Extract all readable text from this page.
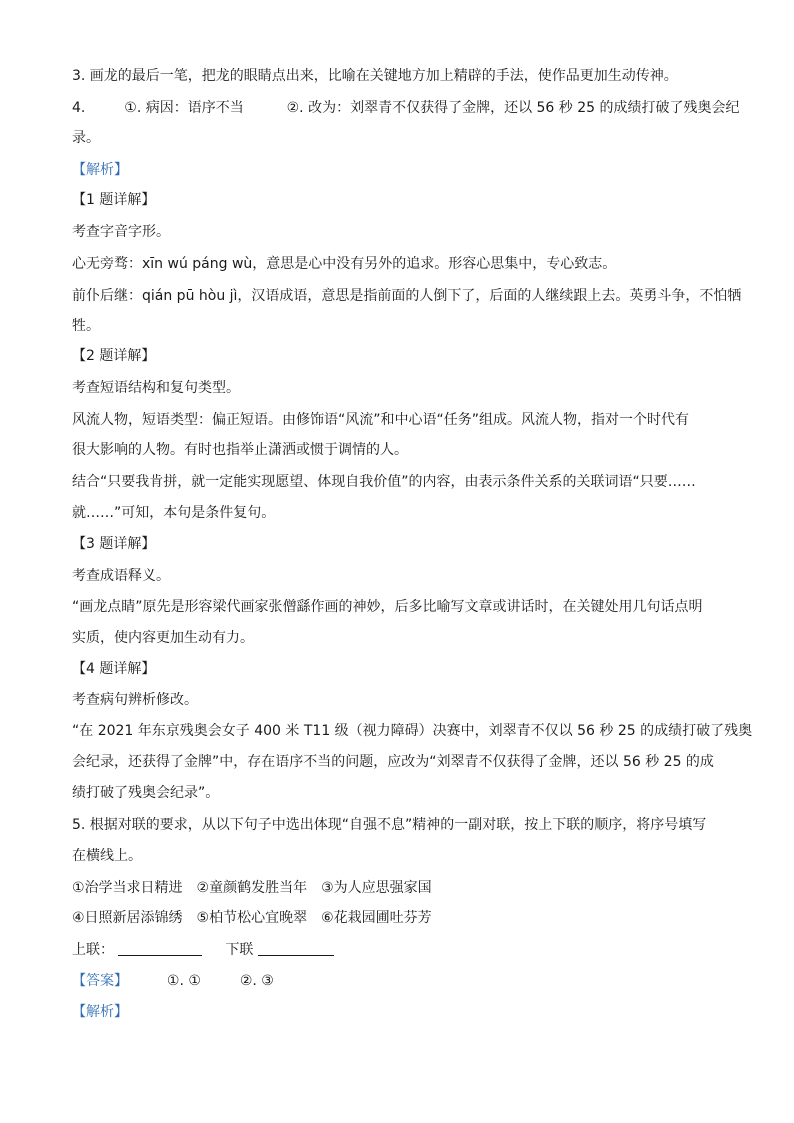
3. 画龙的最后一笔，把龙的眼睛点出来，比喻在关键地方加上精辟的手法，使作品更加生动传神。
4.	①. 病因：语序不当	②. 改为：刘翠青不仅获得了金牌，还以 56 秒 25 的成绩打破了残奥会纪
录。
【解析】
【1 题详解】
考查字音字形。
心无旁骛：xīn wú páng wù，意思是心中没有另外的追求。形容心思集中，专心致志。
前仆后继：qián pū hòu jì，汉语成语，意思是指前面的人倒下了，后面的人继续跟上去。英勇斗争，不怕牺
牲。
【2 题详解】
考查短语结构和复句类型。
风流人物，短语类型：偏正短语。由修饰语“风流”和中心语“任务”组成。风流人物，指对一个时代有
很大影响的人物。有时也指举止潇洒或惯于调情的人。
结合“只要我肯拼，就一定能实现愿望、体现自我价值”的内容，由表示条件关系的关联词语“只要……
就……”可知，本句是条件复句。
【3 题详解】
考查成语释义。
“画龙点睛”原先是形容梁代画家张僧繇作画的神妙，后多比喻写文章或讲话时，在关键处用几句话点明
实质，使内容更加生动有力。
【4 题详解】
考查病句辨析修改。
“在 2021 年东京残奥会女子 400 米 T11 级（视力障碍）决赛中，刘翠青不仅以 56 秒 25 的成绩打破了残奥
会纪录，还获得了金牌”中，存在语序不当的问题，应改为“刘翠青不仅获得了金牌，还以 56 秒 25 的成
绩打破了残奥会纪录”。
5. 根据对联的要求，从以下句子中选出体现“自强不息”精神的一副对联，按上下联的顺序，将序号填写
在横线上。
①治学当求日精进　②童颜鹤发胜当年　③为人应思强家国
④日照新居添锦绣　⑤柏节松心宜晚翠　⑥花栽园圃吐芬芳
上联：	下联
【答案】	①. ①	②. ③
【解析】
